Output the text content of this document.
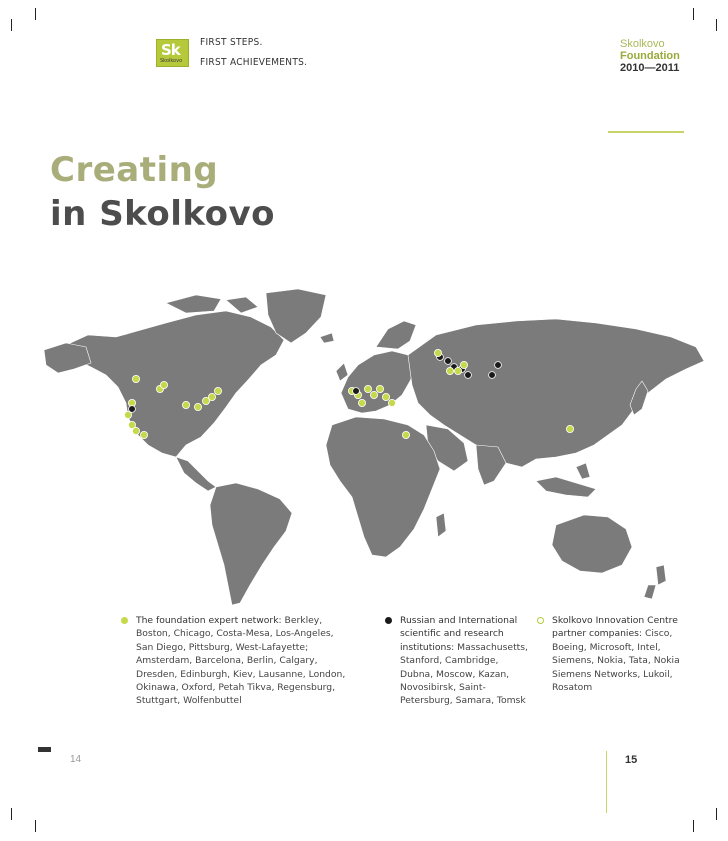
Sk
Skolkovo
FIRST STEPS.
FIRST ACHIEVEMENTS.
Skolkovo
Foundation
2010—2011
Creating
in Skolkovo
The foundation expert network: Berkley, Boston, Chicago, Costa-Mesa, Los-Angeles, San Diego, Pittsburg, West-Lafayette; Amsterdam, Barcelona, Berlin, Calgary, Dresden, Edinburgh, Kiev, Lausanne, London, Okinawa, Oxford, Petah Tikva, Regensburg, Stuttgart, Wolfenbuttel
Russian and International scientific and research institutions: Massachusetts, Stanford, Cambridge, Dubna, Moscow, Kazan, Novosibirsk, Saint-Petersburg, Samara, Tomsk
Skolkovo Innovation Centre partner companies: Cisco, Boeing, Microsoft, Intel, Siemens, Nokia, Tata, Nokia Siemens Networks, Lukoil, Rosatom
14	15
